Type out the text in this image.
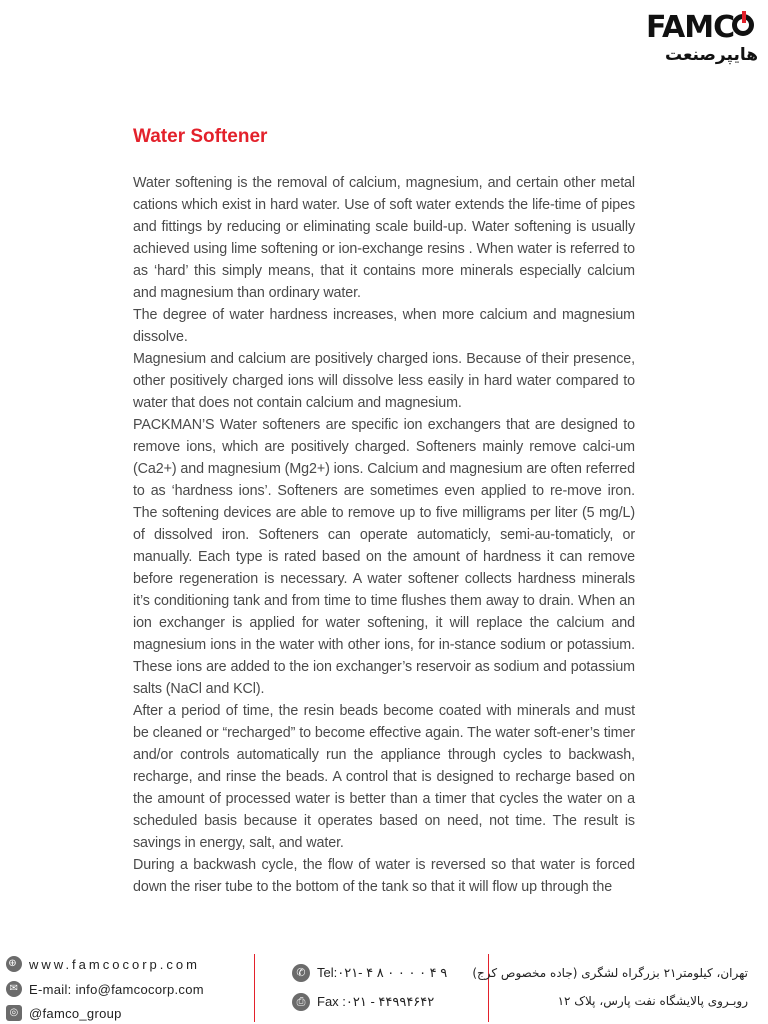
FAMC
هایپرصنعت
Water Softener

Water softening is the removal of calcium, magnesium, and certain other metal cations which exist in hard water. Use of soft water extends the life-time of pipes and fittings by reducing or eliminating scale build-up. Water softening is usually achieved using lime softening or ion-exchange resins . When water is referred to as ‘hard’ this simply means, that it contains more minerals especially calcium and magnesium than ordinary water.

The degree of water hardness increases, when more calcium and magnesium dissolve.

Magnesium and calcium are positively charged ions. Because of their presence, other positively charged ions will dissolve less easily in hard water compared to water that does not contain calcium and magnesium.

PACKMAN’S Water softeners are specific ion exchangers that are designed to remove ions, which are positively charged. Softeners mainly remove calci-um (Ca2+) and magnesium (Mg2+) ions. Calcium and magnesium are often referred to as ‘hardness ions’. Softeners are sometimes even applied to re-move iron. The softening devices are able to remove up to five milligrams per liter (5 mg/L) of dissolved iron. Softeners can operate automaticly, semi-au-tomaticly, or manually. Each type is rated based on the amount of hardness it can remove before regeneration is necessary. A water softener collects hardness minerals it’s conditioning tank and from time to time flushes them away to drain. When an ion exchanger is applied for water softening, it will replace the calcium and magnesium ions in the water with other ions, for in-stance sodium or potassium. These ions are added to the ion exchanger’s reservoir as sodium and potassium salts (NaCl and KCl).

After a period of time, the resin beads become coated with minerals and must be cleaned or “recharged” to become effective again. The water soft-ener’s timer and/or controls automatically run the appliance through cycles to backwash, recharge, and rinse the beads. A control that is designed to recharge based on the amount of processed water is better than a timer that cycles the water on a scheduled basis because it operates based on need, not time. The result is savings in energy, salt, and water.

During a backwash cycle, the flow of water is reversed so that water is forced down the riser tube to the bottom of the tank so that it will flow up through the

⊕ www.famcocorp.com
✉ E-mail: info@famcocorp.com
◎ @famco_group
✆ Tel:۰۲۱- ۴ ۸ ۰ ۰ ۰ ۰ ۴ ۹
⎙ Fax :۰۲۱ - ۴۴۹۹۴۶۴۲
تهران، کیلومتر۲۱ بزرگراه لشگری (جاده مخصوص کرج)
روبـروی پالایشگاه نفت پارس، پلاک ۱۲
